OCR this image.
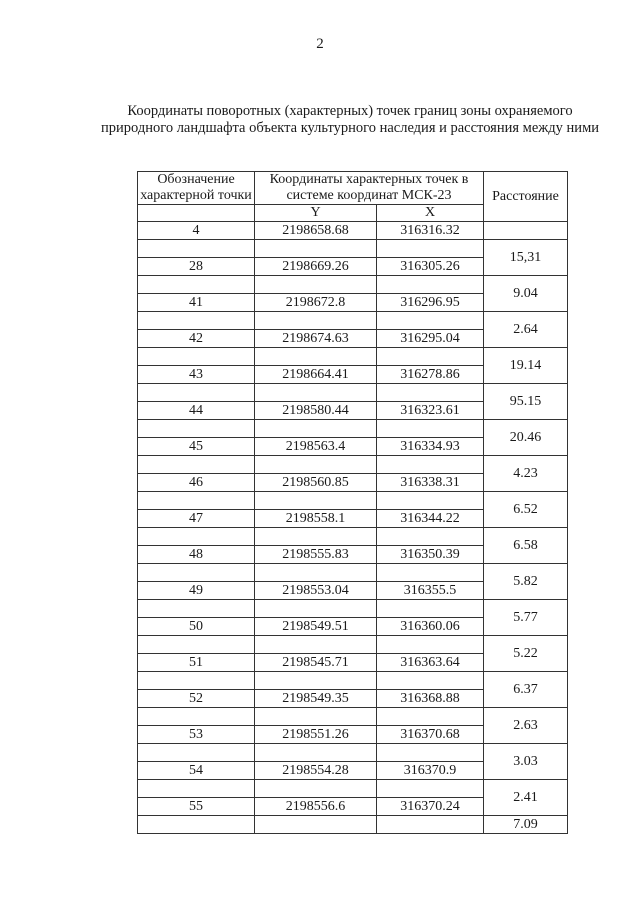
2
Координаты поворотных (характерных) точек границ зоны охраняемого природного ландшафта объекта культурного наследия и расстояния между ними
Обозначение характерной точки	Координаты характерных точек в системе координат МСК-23		Расстояние

	Y	X	
4	2198658.68	316316.32	
			15,31
28	2198669.26	316305.26	
			9.04
41	2198672.8	316296.95	
			2.64
42	2198674.63	316295.04	
			19.14
43	2198664.41	316278.86	
			95.15
44	2198580.44	316323.61	
			20.46
45	2198563.4	316334.93	
			4.23
46	2198560.85	316338.31	
			6.52
47	2198558.1	316344.22	
			6.58
48	2198555.83	316350.39	
			5.82
49	2198553.04	316355.5	
			5.77
50	2198549.51	316360.06	
			5.22
51	2198545.71	316363.64	
			6.37
52	2198549.35	316368.88	
			2.63
53	2198551.26	316370.68	
			3.03
54	2198554.28	316370.9	
			2.41
55	2198556.6	316370.24	
			7.09
